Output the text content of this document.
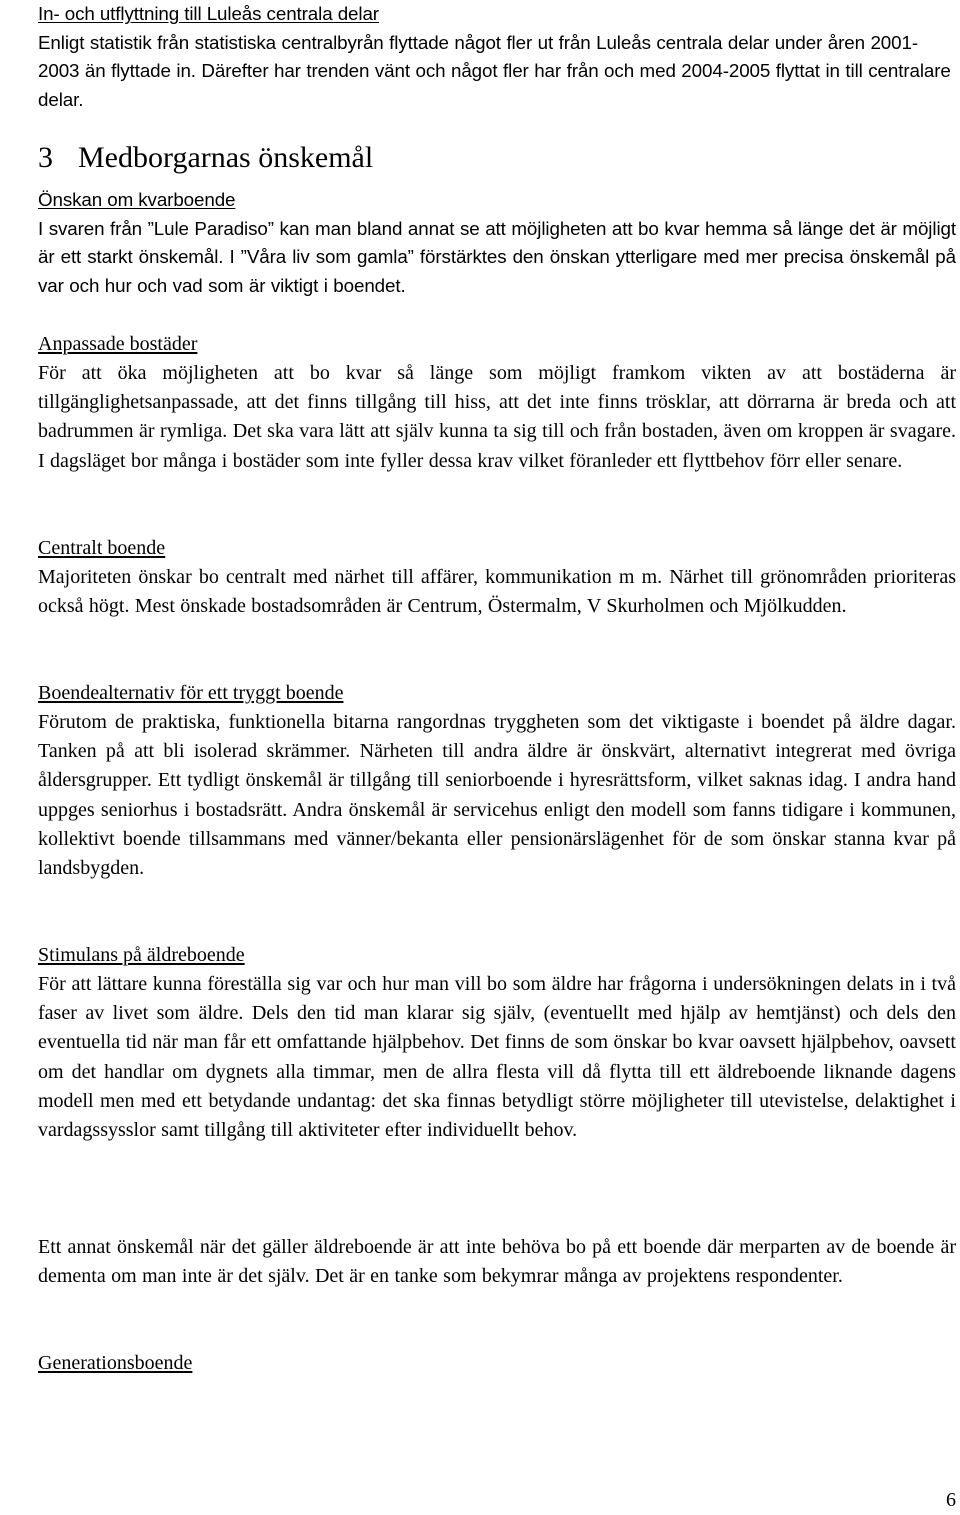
In- och utflyttning till Luleås centrala delar

Enligt statistik från statistiska centralbyrån flyttade något fler ut från Luleås centrala delar under åren 2001-2003 än flyttade in. Därefter har trenden vänt och något fler har från och med 2004-2005 flyttat in till centralare delar.

3 Medborgarnas önskemål

Önskan om kvarboende

I svaren från ”Lule Paradiso” kan man bland annat se att möjligheten att bo kvar hemma så länge det är möjligt är ett starkt önskemål. I ”Våra liv som gamla” förstärktes den önskan ytterligare med mer precisa önskemål på var och hur och vad som är viktigt i boendet.

Anpassade bostäder

För att öka möjligheten att bo kvar så länge som möjligt framkom vikten av att bostäderna är tillgänglighetsanpassade, att det finns tillgång till hiss, att det inte finns trösklar, att dörrarna är breda och att badrummen är rymliga. Det ska vara lätt att själv kunna ta sig till och från bostaden, även om kroppen är svagare. I dagsläget bor många i bostäder som inte fyller dessa krav vilket föranleder ett flyttbehov förr eller senare.

Centralt boende

Majoriteten önskar bo centralt med närhet till affärer, kommunikation m m. Närhet till grönområden prioriteras också högt. Mest önskade bostadsområden är Centrum, Östermalm, V Skurholmen och Mjölkudden.

Boendealternativ för ett tryggt boende

Förutom de praktiska, funktionella bitarna rangordnas tryggheten som det viktigaste i boendet på äldre dagar. Tanken på att bli isolerad skrämmer. Närheten till andra äldre är önskvärt, alternativt integrerat med övriga åldersgrupper. Ett tydligt önskemål är tillgång till seniorboende i hyresrättsform, vilket saknas idag. I andra hand uppges seniorhus i bostadsrätt. Andra önskemål är servicehus enligt den modell som fanns tidigare i kommunen, kollektivt boende tillsammans med vänner/bekanta eller pensionärslägenhet för de som önskar stanna kvar på landsbygden.

Stimulans på äldreboende

För att lättare kunna föreställa sig var och hur man vill bo som äldre har frågorna i undersökningen delats in i två faser av livet som äldre. Dels den tid man klarar sig själv, (eventuellt med hjälp av hemtjänst) och dels den eventuella tid när man får ett omfattande hjälpbehov. Det finns de som önskar bo kvar oavsett hjälpbehov, oavsett om det handlar om dygnets alla timmar, men de allra flesta vill då flytta till ett äldreboende liknande dagens modell men med ett betydande undantag: det ska finnas betydligt större möjligheter till utevistelse, delaktighet i vardagssysslor samt tillgång till aktiviteter efter individuellt behov.

Ett annat önskemål när det gäller äldreboende är att inte behöva bo på ett boende där merparten av de boende är dementa om man inte är det själv. Det är en tanke som bekymrar många av projektens respondenter.

Generationsboende

6
